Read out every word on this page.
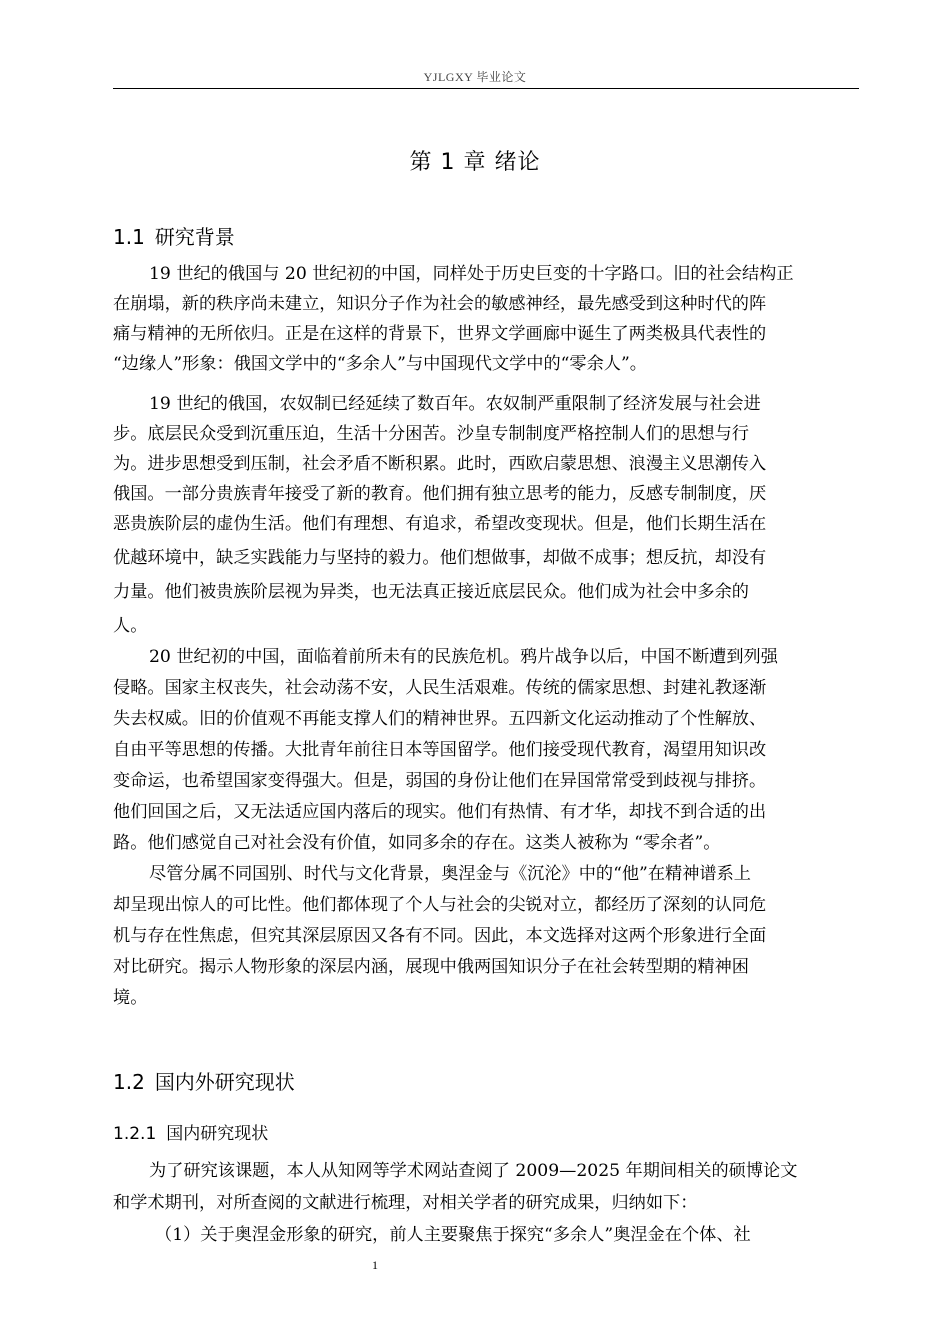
YJLGXY 毕业论文
第 1 章 绪论
1.1 研究背景
19 世纪的俄国与 20 世纪初的中国，同样处于历史巨变的十字路口。旧的社会结构正
在崩塌，新的秩序尚未建立，知识分子作为社会的敏感神经，最先感受到这种时代的阵
痛与精神的无所依归。正是在这样的背景下，世界文学画廊中诞生了两类极具代表性的
“边缘人”形象：俄国文学中的“多余人”与中国现代文学中的“零余人”。
19 世纪的俄国，农奴制已经延续了数百年。农奴制严重限制了经济发展与社会进
步。底层民众受到沉重压迫，生活十分困苦。沙皇专制制度严格控制人们的思想与行
为。进步思想受到压制，社会矛盾不断积累。此时，西欧启蒙思想、浪漫主义思潮传入
俄国。一部分贵族青年接受了新的教育。他们拥有独立思考的能力，反感专制制度，厌
恶贵族阶层的虚伪生活。他们有理想、有追求，希望改变现状。但是，他们长期生活在
优越环境中，缺乏实践能力与坚持的毅力。他们想做事，却做不成事；想反抗，却没有
力量。他们被贵族阶层视为异类，也无法真正接近底层民众。他们成为社会中多余的
人。
20 世纪初的中国，面临着前所未有的民族危机。鸦片战争以后，中国不断遭到列强
侵略。国家主权丧失，社会动荡不安，人民生活艰难。传统的儒家思想、封建礼教逐渐
失去权威。旧的价值观不再能支撑人们的精神世界。五四新文化运动推动了个性解放、
自由平等思想的传播。大批青年前往日本等国留学。他们接受现代教育，渴望用知识改
变命运，也希望国家变得强大。但是，弱国的身份让他们在异国常常受到歧视与排挤。
他们回国之后，又无法适应国内落后的现实。他们有热情、有才华，却找不到合适的出
路。他们感觉自己对社会没有价值，如同多余的存在。这类人被称为 “零余者”。
尽管分属不同国别、时代与文化背景，奥涅金与《沉沦》中的“他”在精神谱系上
却呈现出惊人的可比性。他们都体现了个人与社会的尖锐对立，都经历了深刻的认同危
机与存在性焦虑，但究其深层原因又各有不同。因此，本文选择对这两个形象进行全面
对比研究。揭示人物形象的深层内涵，展现中俄两国知识分子在社会转型期的精神困
境。
1.2 国内外研究现状
1.2.1 国内研究现状
为了研究该课题，本人从知网等学术网站查阅了 2009—2025 年期间相关的硕博论文
和学术期刊，对所查阅的文献进行梳理，对相关学者的研究成果，归纳如下：
（1）关于奥涅金形象的研究，前人主要聚焦于探究“多余人”奥涅金在个体、社
1
